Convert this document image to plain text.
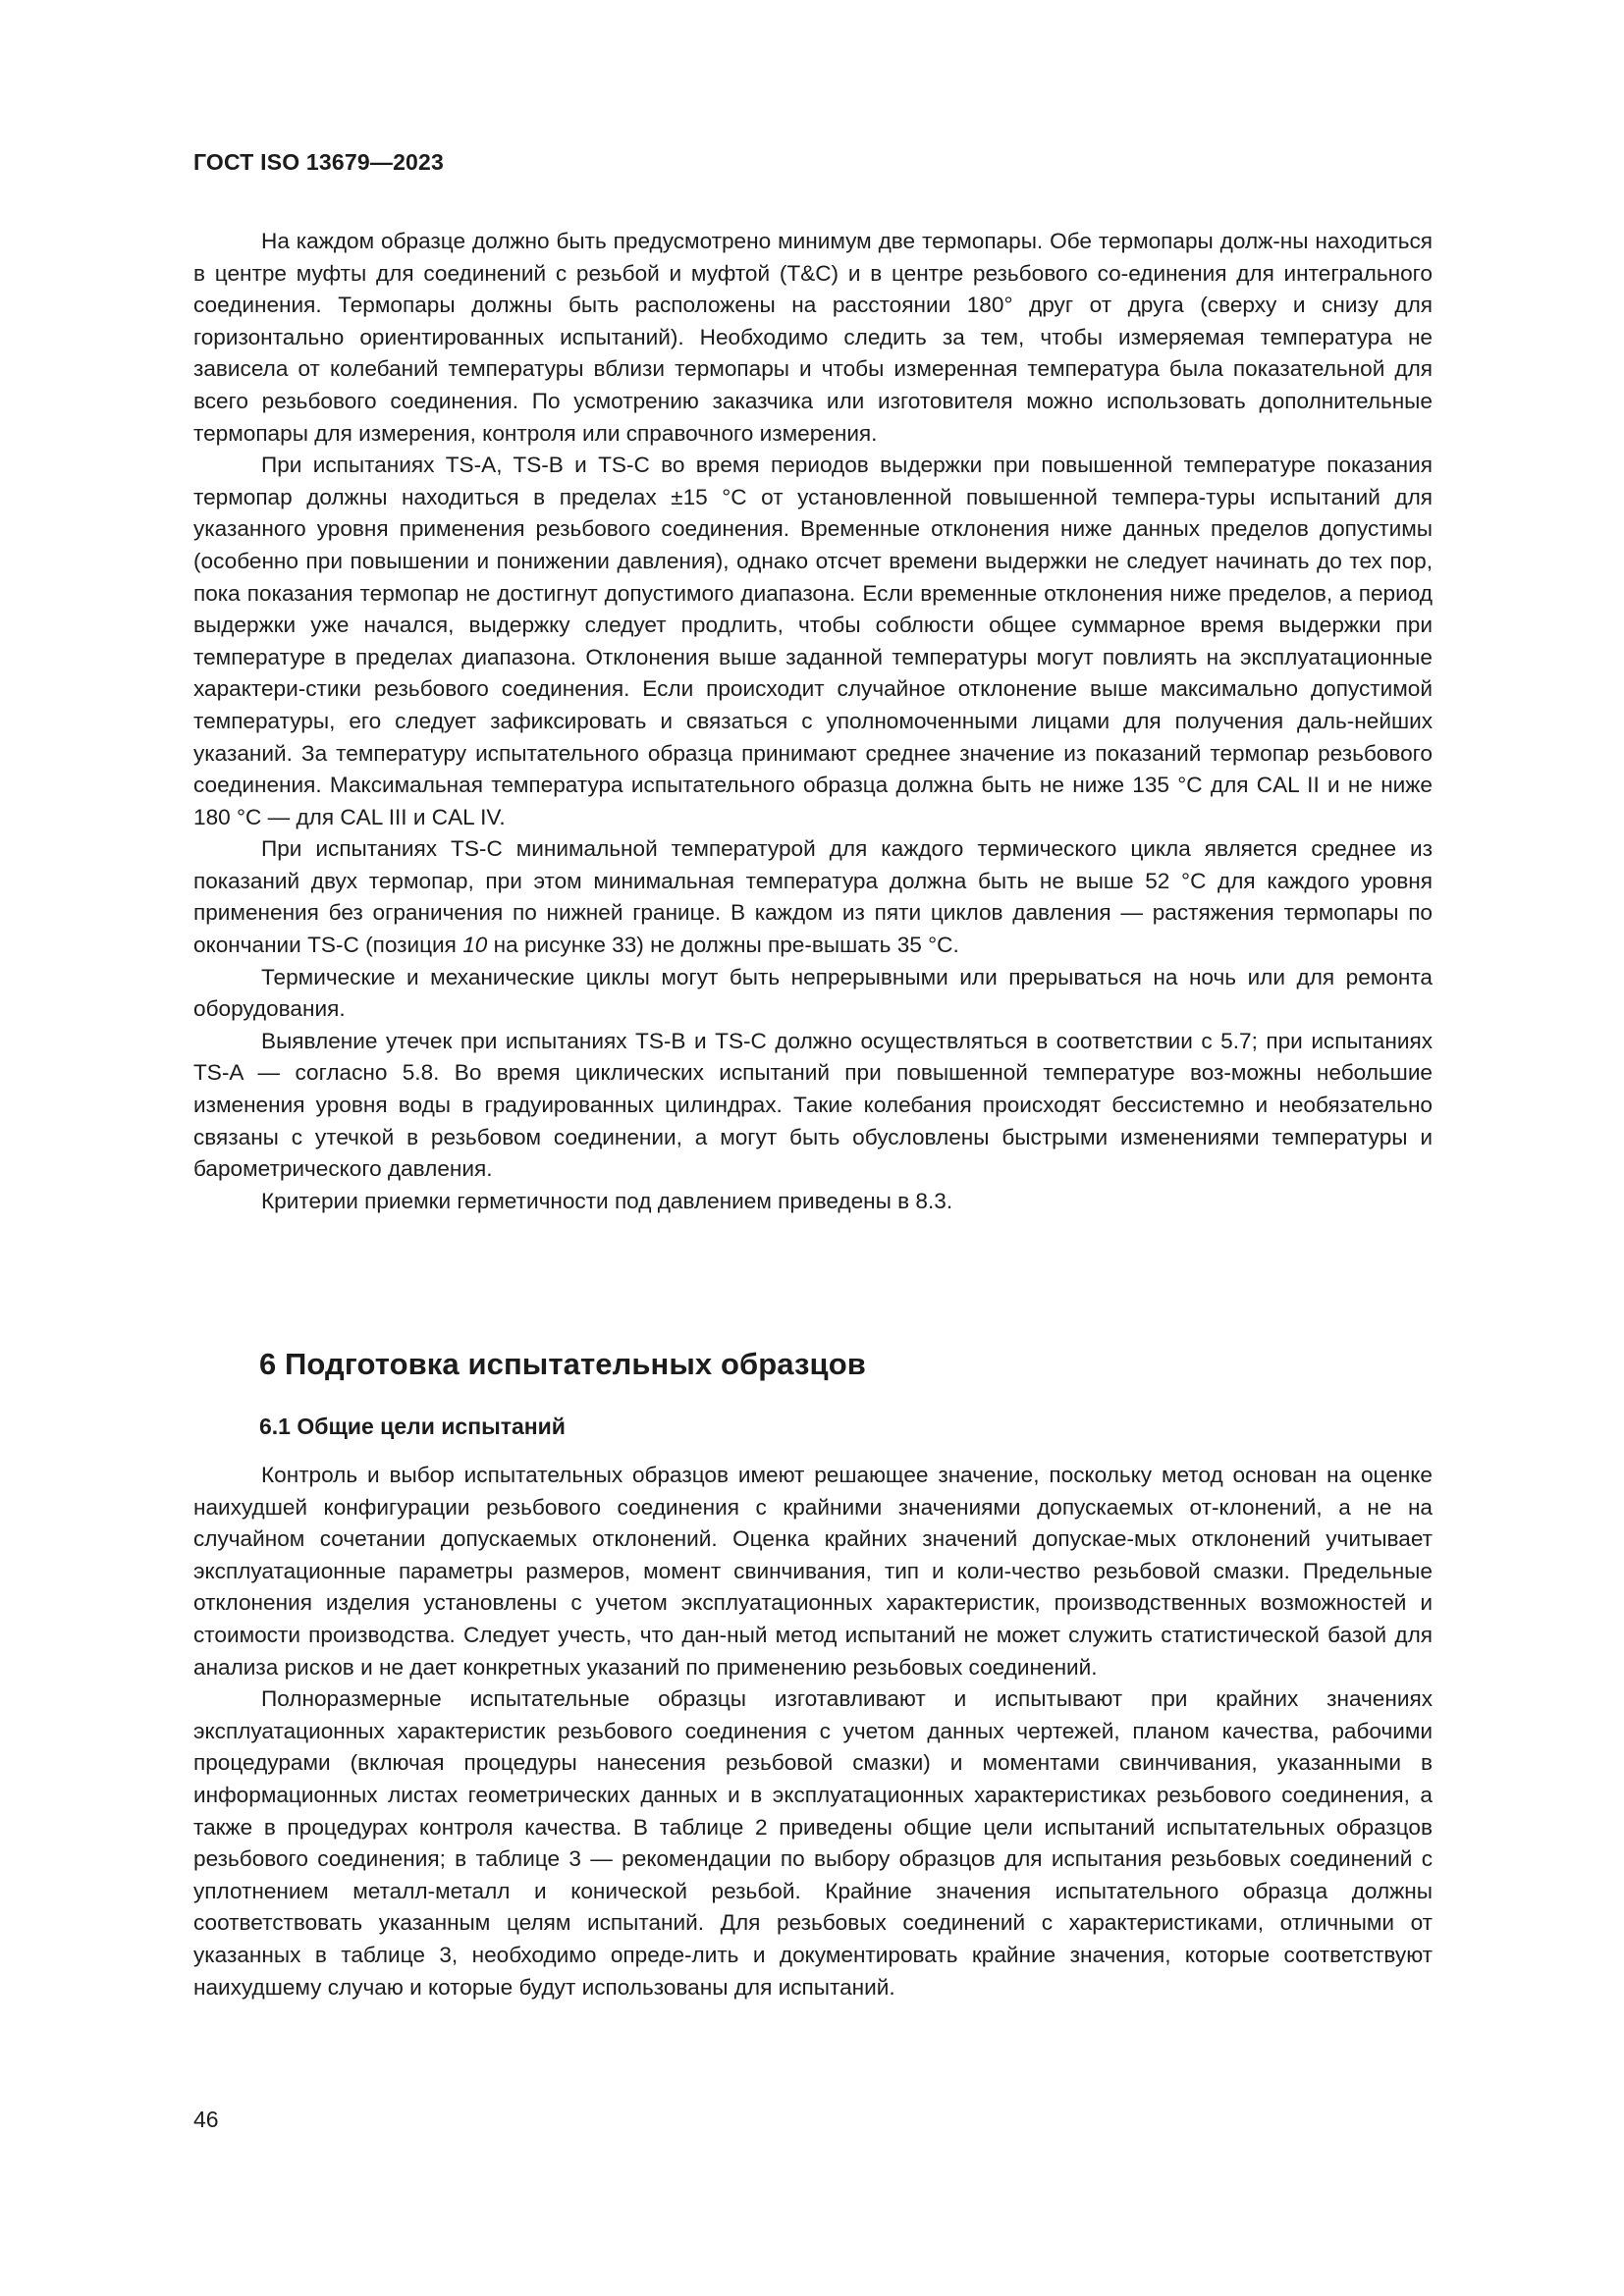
ГОСТ ISO 13679—2023

На каждом образце должно быть предусмотрено минимум две термопары. Обе термопары долж-ны находиться в центре муфты для соединений с резьбой и муфтой (T&C) и в центре резьбового со-единения для интегрального соединения. Термопары должны быть расположены на расстоянии 180° друг от друга (сверху и снизу для горизонтально ориентированных испытаний). Необходимо следить за тем, чтобы измеряемая температура не зависела от колебаний температуры вблизи термопары и чтобы измеренная температура была показательной для всего резьбового соединения. По усмотрению заказчика или изготовителя можно использовать дополнительные термопары для измерения, контроля или справочного измерения.

При испытаниях TS-A, TS-B и TS-C во время периодов выдержки при повышенной температуре показания термопар должны находиться в пределах ±15 °C от установленной повышенной темпера-туры испытаний для указанного уровня применения резьбового соединения. Временные отклонения ниже данных пределов допустимы (особенно при повышении и понижении давления), однако отсчет времени выдержки не следует начинать до тех пор, пока показания термопар не достигнут допустимого диапазона. Если временные отклонения ниже пределов, а период выдержки уже начался, выдержку следует продлить, чтобы соблюсти общее суммарное время выдержки при температуре в пределах диапазона. Отклонения выше заданной температуры могут повлиять на эксплуатационные характери-стики резьбового соединения. Если происходит случайное отклонение выше максимально допустимой температуры, его следует зафиксировать и связаться с уполномоченными лицами для получения даль-нейших указаний. За температуру испытательного образца принимают среднее значение из показаний термопар резьбового соединения. Максимальная температура испытательного образца должна быть не ниже 135 °C для CAL II и не ниже 180 °C — для CAL III и CAL IV.

При испытаниях TS-C минимальной температурой для каждого термического цикла является среднее из показаний двух термопар, при этом минимальная температура должна быть не выше 52 °C для каждого уровня применения без ограничения по нижней границе. В каждом из пяти циклов давления — растяжения термопары по окончании TS-C (позиция 10 на рисунке 33) не должны пре-вышать 35 °C.

Термические и механические циклы могут быть непрерывными или прерываться на ночь или для ремонта оборудования.

Выявление утечек при испытаниях TS-B и TS-C должно осуществляться в соответствии с 5.7; при испытаниях TS-A — согласно 5.8. Во время циклических испытаний при повышенной температуре воз-можны небольшие изменения уровня воды в градуированных цилиндрах. Такие колебания происходят бессистемно и необязательно связаны с утечкой в резьбовом соединении, а могут быть обусловлены быстрыми изменениями температуры и барометрического давления.

Критерии приемки герметичности под давлением приведены в 8.3.

6 Подготовка испытательных образцов
6.1 Общие цели испытаний

Контроль и выбор испытательных образцов имеют решающее значение, поскольку метод основан на оценке наихудшей конфигурации резьбового соединения с крайними значениями допускаемых от-клонений, а не на случайном сочетании допускаемых отклонений. Оценка крайних значений допускае-мых отклонений учитывает эксплуатационные параметры размеров, момент свинчивания, тип и коли-чество резьбовой смазки. Предельные отклонения изделия установлены с учетом эксплуатационных характеристик, производственных возможностей и стоимости производства. Следует учесть, что дан-ный метод испытаний не может служить статистической базой для анализа рисков и не дает конкретных указаний по применению резьбовых соединений.

Полноразмерные испытательные образцы изготавливают и испытывают при крайних значениях эксплуатационных характеристик резьбового соединения с учетом данных чертежей, планом качества, рабочими процедурами (включая процедуры нанесения резьбовой смазки) и моментами свинчивания, указанными в информационных листах геометрических данных и в эксплуатационных характеристиках резьбового соединения, а также в процедурах контроля качества. В таблице 2 приведены общие цели испытаний испытательных образцов резьбового соединения; в таблице 3 — рекомендации по выбору образцов для испытания резьбовых соединений с уплотнением металл-металл и конической резьбой. Крайние значения испытательного образца должны соответствовать указанным целям испытаний. Для резьбовых соединений с характеристиками, отличными от указанных в таблице 3, необходимо опреде-лить и документировать крайние значения, которые соответствуют наихудшему случаю и которые будут использованы для испытаний.

46
